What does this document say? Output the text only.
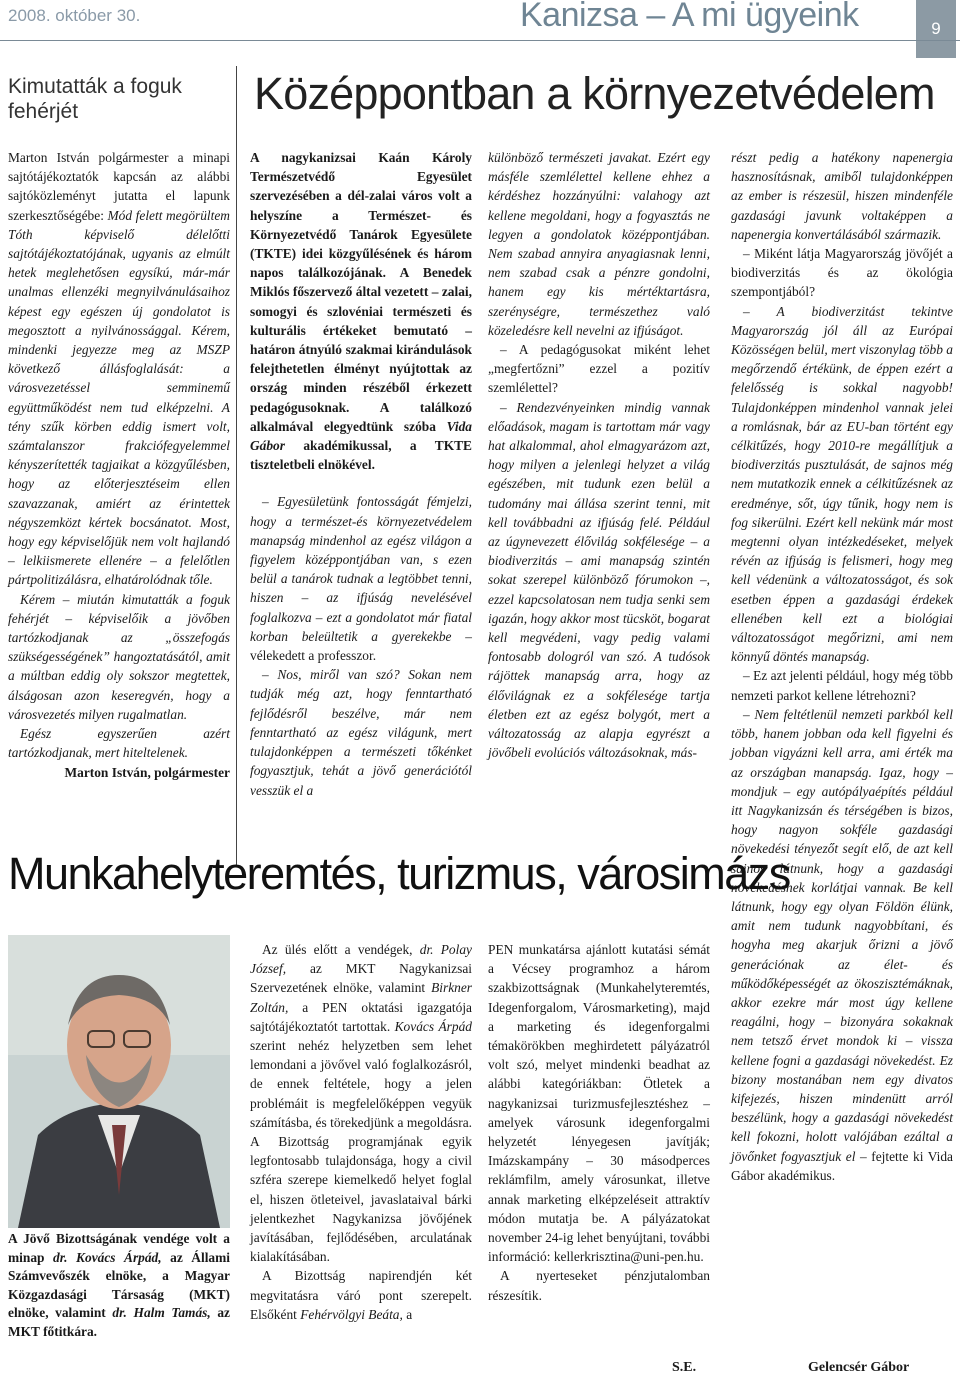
2008. október 30.	Kanizsa – A mi ügyeink	9
Kimutatták a foguk fehérjét

Marton István polgármester a minapi sajtótájékoztatók kapcsán az alábbi sajtóközleményt jutatta el lapunk szerkesztőségébe: Mód felett megörültem Tóth képviselő délelőtti sajtótájékoztatójának, ugyanis az elmúlt hetek meglehetősen egysíkú, már-már unalmas ellenzéki megnyilvánulásaihoz képest egy egészen új gondolatot is megosztott a nyilvánossággal. Kérem, mindenki jegyezze meg az MSZP következő állásfoglalását: a városvezetéssel semminemű együttműködést nem tud elképzelni. A tény szűk körben eddig ismert volt, számtalanszor frakciófegyelemmel kényszerítették tagjaikat a közgyűlésben, hogy az előterjesztéseim ellen szavazzanak, amiért az érintettek négyszemközt kértek bocsánatot. Most, hogy egy képviselőjük nem volt hajlandó – lelkiismerete ellenére – a felelőtlen pártpolitizálásra, elhatárolódnak tőle.

Kérem – miután kimutatták a foguk fehérjét – képviselőik a jövőben tartózkodjanak az „összefogás szükségességének” hangoztatásától, amit a múltban eddig oly sokszor megtettek, álságosan azon keseregvén, hogy a városvezetés milyen rugalmatlan.

Egész egyszerűen azért tartózkodjanak, mert hiteltelenek.

Marton István, polgármester

Középpontban a környezetvédelem

A nagykanizsai Kaán Károly Természetvédő Egyesület szervezésében a dél-zalai város volt a helyszíne a Természet- és Környezetvédő Tanárok Egyesülete (TKTE) idei közgyűlésének és három napos találkozójának. A Benedek Miklós főszervező által vezetett – zalai, somogyi és szlovéniai természeti és kulturális értékeket bemutató – határon átnyúló szakmai kirándulások felejthetetlen élményt nyújtottak az ország minden részéből érkezett pedagógusoknak. A találkozó alkalmával elegyedtünk szóba Vida Gábor akadémikussal, a TKTE tiszteletbeli elnökével.

– Egyesületünk fontosságát fémjelzi, hogy a természet-és környezetvédelem manapság mindenhol az egész világon a figyelem középpontjában van, s ezen belül a tanárok tudnak a legtöbbet tenni, hiszen – az ifjúság nevelésével foglalkozva – ezt a gondolatot már fiatal korban beleültetik a gyerekekbe – vélekedett a professzor.

– Nos, miről van szó? Sokan nem tudják még azt, hogy fenntartható fejlődésről beszélve, már nem fenntartható az egész világunk, mert tulajdonképpen a természeti tőkénket fogyasztjuk, tehát a jövő generációtól vesszük el a

különböző természeti javakat. Ezért egy másféle szemlélettel kellene ehhez a kérdéshez hozzányúlni: valahogy azt kellene megoldani, hogy a fogyasztás ne legyen a gondolatok középpontjában. Nem szabad annyira anyagiasnak lenni, nem szabad csak a pénzre gondolni, hanem egy kis mértéktartásra, szerénységre, természethez való közeledésre kell nevelni az ifjúságot.

– A pedagógusokat miként lehet „megfertőzni” ezzel a pozitív szemlélettel?

– Rendezvényeinken mindig vannak előadások, magam is tartottam már vagy hat alkalommal, ahol elmagyarázom azt, hogy milyen a jelenlegi helyzet a világ egészében, mit tudunk ezen belül a tudomány mai állása szerint tenni, mit kell továbbadni az ifjúság felé. Például az úgynevezett élővilág sokfélesége – a biodiverzitás – ami manapság szintén sokat szerepel különböző fórumokon –, ezzel kapcsolatosan nem tudja senki sem igazán, hogy akkor most tücsköt, bogarat kell megvédeni, vagy pedig valami fontosabb dologról van szó. A tudósok rájöttek manapság arra, hogy az élővilágnak ez a sokfélesége tartja életben ezt az egész bolygót, mert a változatosság az alapja egyrészt a jövőbeli evolúciós változásoknak, más-

részt pedig a hatékony napenergia hasznosításnak, amiből tulajdonképpen az ember is részesül, hiszen mindenféle gazdasági javunk voltaképpen a napenergia konvertálásából származik.

– Miként látja Magyarország jövőjét a biodiverzitás és az ökológia szempontjából?

– A biodiverzitást tekintve Magyarország jól áll az Európai Közösségen belül, mert viszonylag több a megőrzendő értékünk, de éppen ezért a felelősség is sokkal nagyobb! Tulajdonképpen mindenhol vannak jelei a romlásnak, bár az EU-ban történt egy célkitűzés, hogy 2010-re megállítjuk a biodiverzitás pusztulását, de sajnos még nem mutatkozik ennek a célkitűzésnek az eredménye, sőt, úgy tűnik, hogy nem is fog sikerülni. Ezért kell nekünk már most megtenni olyan intézkedéseket, melyek révén az ifjúság is felismeri, hogy meg kell védenünk a változatosságot, és sok esetben éppen a gazdasági érdekek ellenében kell ezt a biológiai változatosságot megőrizni, ami nem könnyű döntés manapság.

– Ez azt jelenti például, hogy még több nemzeti parkot kellene létrehozni?

– Nem feltétlenül nemzeti parkból kell több, hanem jobban oda kell figyelni és jobban vigyázni kell arra, ami érték ma az országban manapság. Igaz, hogy – mondjuk – egy autópályaépítés például itt Nagykanizsán és térségében is bizos, hogy nagyon sokféle gazdasági növekedési tényezőt segít elő, de azt kell sajnos látnunk, hogy a gazdasági növekedésnek korlátjai vannak. Be kell látnunk, hogy egy olyan Földön élünk, amit nem tudunk nagyobbítani, és hogyha meg akarjuk őrizni a jövő generációnak az élet- és működőképességét az ökoszisztémáknak, akkor ezekre már most úgy kellene reagálni, hogy – bizonyára sokaknak nem tetsző érvet mondok ki – vissza kellene fogni a gazdasági növekedést. Ez bizony mostanában nem egy divatos kifejezés, hiszen mindenütt arról beszélünk, hogy a gazdasági növekedést kell fokozni, holott valójában ezáltal a jövőnket fogyasztjuk el – fejtette ki Vida Gábor akadémikus.

Gelencsér Gábor
Munkahelyteremtés, turizmus, városimázs
A Jövő Bizottságának vendége volt a minap dr. Kovács Árpád, az Állami Számvevőszék elnöke, a Magyar Közgazdasági Társaság (MKT) elnöke, valamint dr. Halm Tamás, az MKT főtitkára.

Az ülés előtt a vendégek, dr. Polay József, az MKT Nagykanizsai Szervezetének elnöke, valamint Birkner Zoltán, a PEN oktatási igazgatója sajtótájékoztatót tartottak. Kovács Árpád szerint nehéz helyzetben sem lehet lemondani a jövővel való foglalkozásról, de ennek feltétele, hogy a jelen problémáit is megfelelőképpen vegyük számításba, és törekedjünk a megoldásra. A Bizottság programjának egyik legfontosabb tulajdonsága, hogy a civil szféra szerepe kiemelkedő helyet foglal el, hiszen ötleteivel, javaslataival bárki jelentkezhet Nagykanizsa jövőjének javításában, fejlődésében, arculatának kialakításában.

A Bizottság napirendjén két megvitatásra váró pont szerepelt. Elsőként Fehérvölgyi Beáta, a

PEN munkatársa ajánlott kutatási sémát a Vécsey programhoz a három szakbizottságnak (Munkahelyteremtés, Idegenforgalom, Városmarketing), majd a marketing és idegenforgalmi témakörökben meghirdetett pályázatról volt szó, melyet mindenki beadhat az alábbi kategóriákban: Ötletek a nagykanizsai turizmusfejlesztéshez – amelyek városunk idegenforgalmi helyzetét lényegesen javítják; Imázskampány – 30 másodperces reklámfilm, amely városunkat, illetve annak marketing elképzeléseit attraktív módon mutatja be. A pályázatokat november 24-ig lehet benyújtani, további információ: kellerkrisztina@uni-pen.hu.

A nyerteseket pénzjutalomban részesítik.

S.E.
